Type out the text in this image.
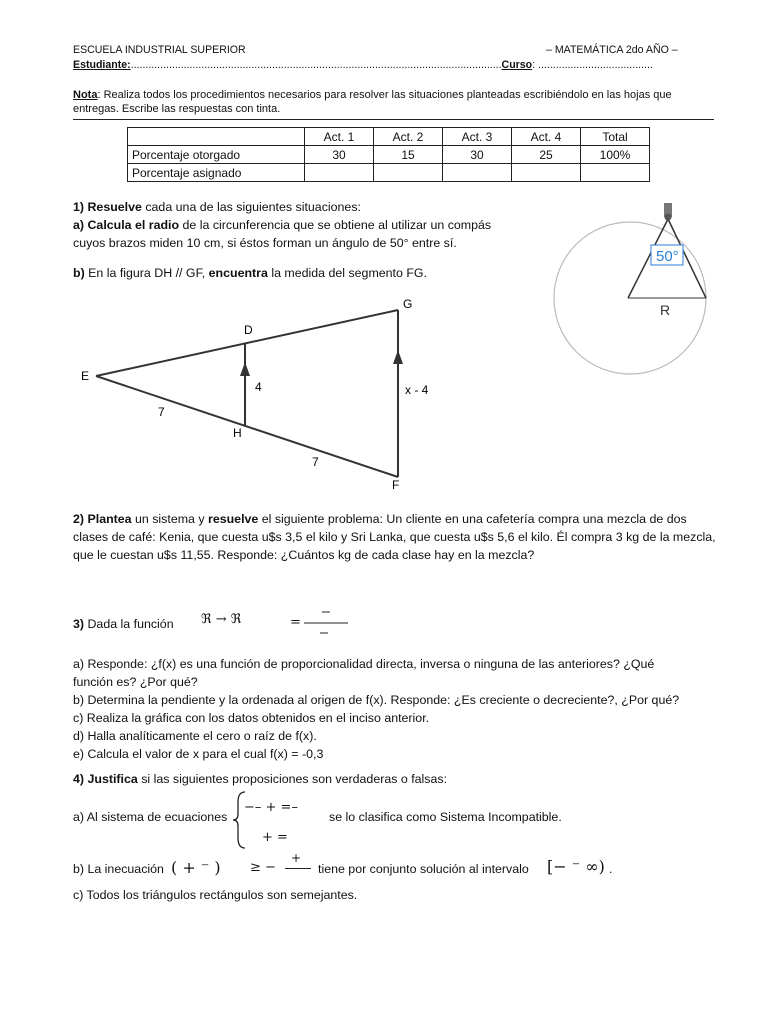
ESCUELA INDUSTRIAL SUPERIOR	– MATEMÁTICA 2do AÑO –
Estudiante:..............................................................................................................................Curso: .......................................
Nota: Realiza todos los procedimientos necesarios para resolver las situaciones planteadas escribiéndolo en las hojas que
entregas. Escribe las respuestas con tinta.
	Act. 1	Act. 2	Act. 3	Act. 4	Total
Porcentaje otorgado	30	15	30	25	100%
Porcentaje asignado					
1) Resuelve cada una de las siguientes situaciones:
a) Calcula el radio de la circunferencia que se obtiene al utilizar un compás
cuyos brazos miden 10 cm, si éstos forman un ángulo de 50° entre sí.
b) En la figura DH // GF, encuentra la medida del segmento FG.
50°
R
E
D
G
H
F
4	x - 4
7
7
2) Plantea un sistema y resuelve el siguiente problema: Un cliente en una cafetería compra una mezcla de dos
clases de café: Kenia, que cuesta u$s 3,5 el kilo y Sri Lanka, que cuesta u$s 5,6 el kilo. Él compra 3 kg de la mezcla,
que le cuestan u$s 11,55. Responde: ¿Cuántos kg de cada clase hay en la mezcla?
3) Dada la función ℜ → ℜ	=
a) Responde: ¿f(x) es una función de proporcionalidad directa, inversa o ninguna de las anteriores? ¿Qué
función es? ¿Por qué?
b) Determina la pendiente y la ordenada al origen de f(x). Responde: ¿Es creciente o decreciente?, ¿Por qué?
c) Realiza la gráfica con los datos obtenidos en el inciso anterior.
d) Halla analíticamente el cero o raíz de f(x).
e) Calcula el valor de x para el cual f(x) = -0,3
4) Justifica si las siguientes proposiciones son verdaderas o falsas:
a) Al sistema de ecuaciones
−– + =–
+ =
se lo clasifica como Sistema Incompatible.
b) La inecuación ( + ⁻ ) ≥ −
+
tiene por conjunto solución al intervalo [− ⁻ ∞) .
c) Todos los triángulos rectángulos son semejantes.
